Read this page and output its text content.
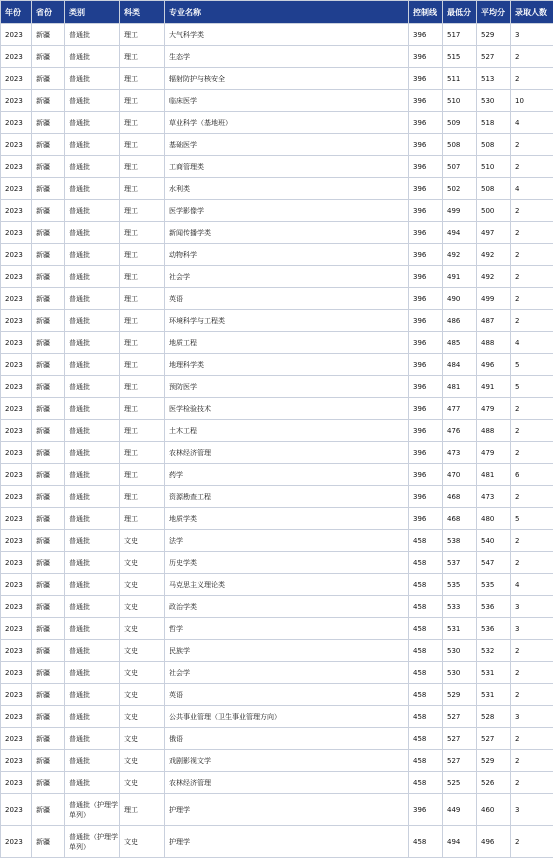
年份	省份	类别	科类	专业名称	控制线	最低分	平均分	录取人数
2023	新疆	普通批	理工	大气科学类	396	517	529	3
2023	新疆	普通批	理工	生态学	396	515	527	2
2023	新疆	普通批	理工	辐射防护与核安全	396	511	513	2
2023	新疆	普通批	理工	临床医学	396	510	530	10
2023	新疆	普通批	理工	草业科学（基地班）	396	509	518	4
2023	新疆	普通批	理工	基础医学	396	508	508	2
2023	新疆	普通批	理工	工商管理类	396	507	510	2
2023	新疆	普通批	理工	水利类	396	502	508	4
2023	新疆	普通批	理工	医学影像学	396	499	500	2
2023	新疆	普通批	理工	新闻传播学类	396	494	497	2
2023	新疆	普通批	理工	动物科学	396	492	492	2
2023	新疆	普通批	理工	社会学	396	491	492	2
2023	新疆	普通批	理工	英语	396	490	499	2
2023	新疆	普通批	理工	环境科学与工程类	396	486	487	2
2023	新疆	普通批	理工	地质工程	396	485	488	4
2023	新疆	普通批	理工	地理科学类	396	484	496	5
2023	新疆	普通批	理工	预防医学	396	481	491	5
2023	新疆	普通批	理工	医学检验技术	396	477	479	2
2023	新疆	普通批	理工	土木工程	396	476	488	2
2023	新疆	普通批	理工	农林经济管理	396	473	479	2
2023	新疆	普通批	理工	药学	396	470	481	6
2023	新疆	普通批	理工	资源勘查工程	396	468	473	2
2023	新疆	普通批	理工	地质学类	396	468	480	5
2023	新疆	普通批	文史	法学	458	538	540	2
2023	新疆	普通批	文史	历史学类	458	537	547	2
2023	新疆	普通批	文史	马克思主义理论类	458	535	535	4
2023	新疆	普通批	文史	政治学类	458	533	536	3
2023	新疆	普通批	文史	哲学	458	531	536	3
2023	新疆	普通批	文史	民族学	458	530	532	2
2023	新疆	普通批	文史	社会学	458	530	531	2
2023	新疆	普通批	文史	英语	458	529	531	2
2023	新疆	普通批	文史	公共事业管理（卫生事业管理方向）	458	527	528	3
2023	新疆	普通批	文史	俄语	458	527	527	2
2023	新疆	普通批	文史	戏剧影视文学	458	527	529	2
2023	新疆	普通批	文史	农林经济管理	458	525	526	2
2023	新疆	普通批（护理学单列）	理工	护理学	396	449	460	3
2023	新疆	普通批（护理学单列）	文史	护理学	458	494	496	2
